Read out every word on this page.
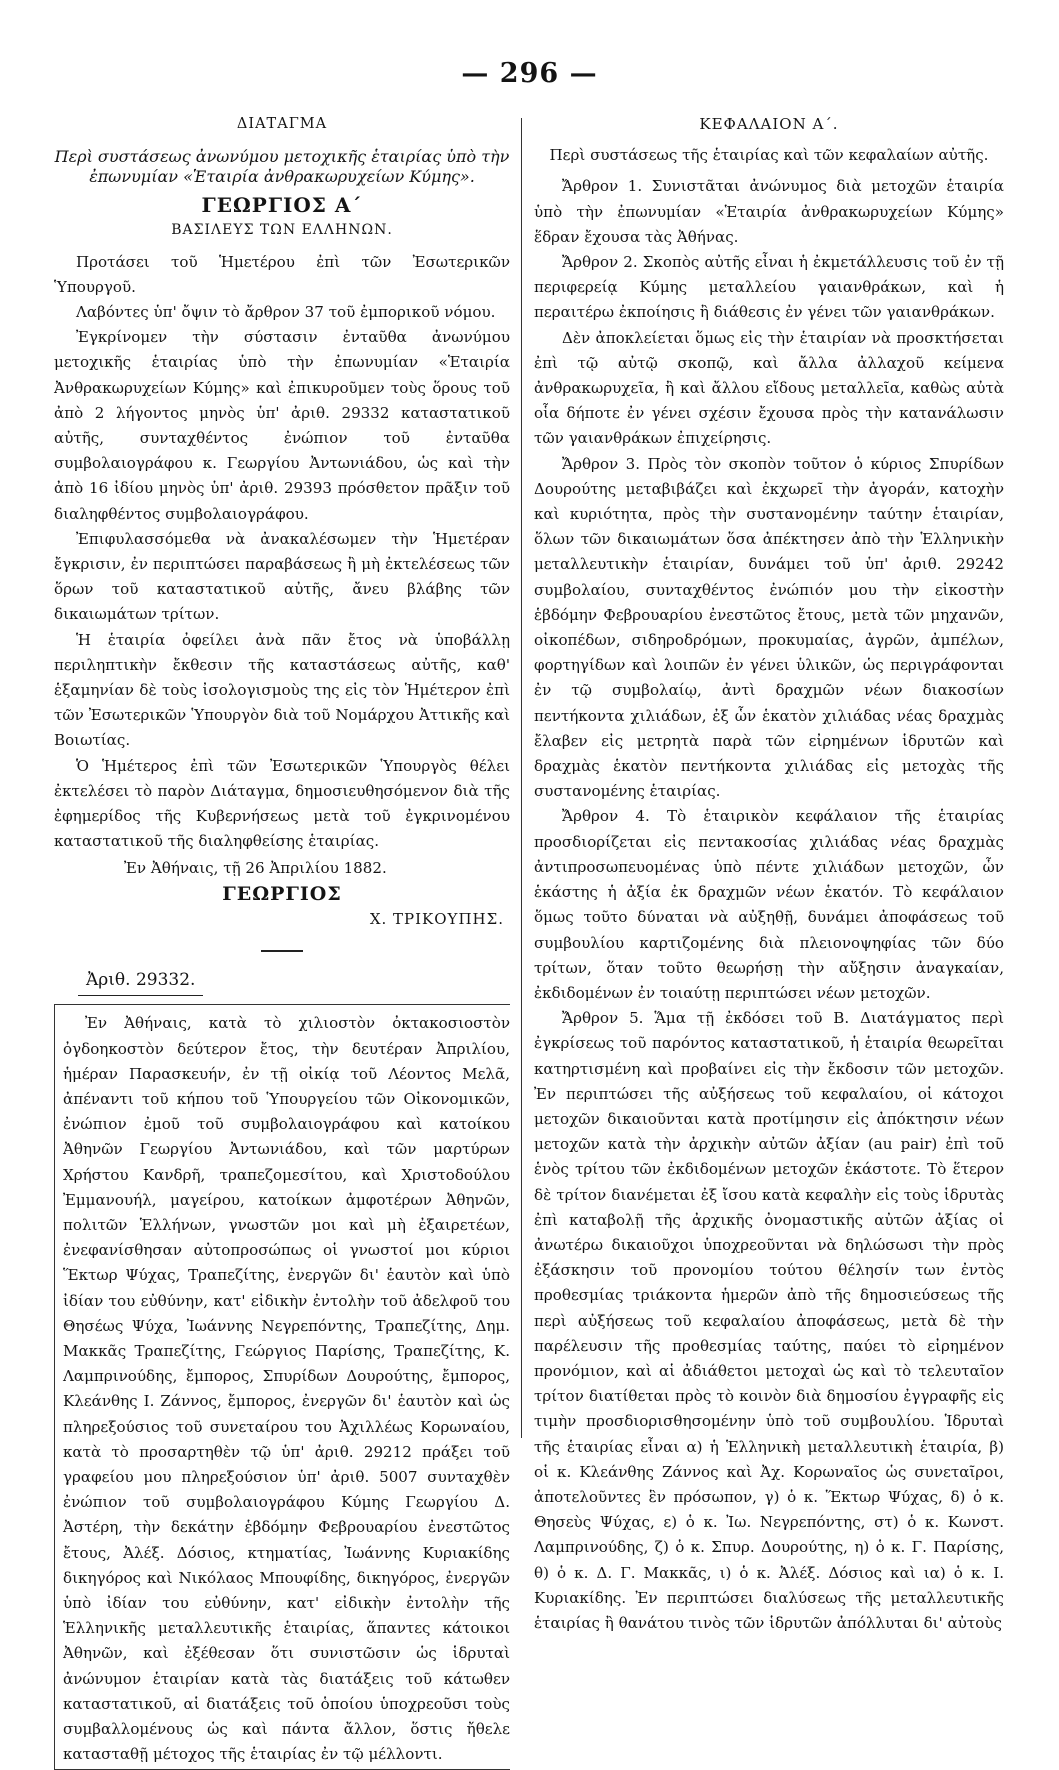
— 296 —
ΔΙΑΤΑΓΜΑ

Περὶ συστάσεως ἀνωνύμου μετοχικῆς ἑταιρίας ὑπὸ τὴν ἐπωνυμίαν «Ἑταιρία ἀνθρακωρυχείων Κύμης».

ΓΕΩΡΓΙΟΣ Α΄
ΒΑΣΙΛΕΥΣ ΤΩΝ ΕΛΛΗΝΩΝ.

Προτάσει τοῦ Ἡμετέρου ἐπὶ τῶν Ἐσωτερικῶν Ὑπουργοῦ.

Λαβόντες ὑπ' ὄψιν τὸ ἄρθρον 37 τοῦ ἐμπορικοῦ νόμου.

Ἐγκρίνομεν τὴν σύστασιν ἐνταῦθα ἀνωνύμου μετοχικῆς ἑταιρίας ὑπὸ τὴν ἐπωνυμίαν «Ἑταιρία Ἀνθρακωρυχείων Κύμης» καὶ ἐπικυροῦμεν τοὺς ὅρους τοῦ ἀπὸ 2 λήγοντος μηνὸς ὑπ' ἀριθ. 29332 καταστατικοῦ αὐτῆς, συνταχθέντος ἐνώπιον τοῦ ἐνταῦθα συμβολαιογράφου κ. Γεωργίου Ἀντωνιάδου, ὡς καὶ τὴν ἀπὸ 16 ἰδίου μηνὸς ὑπ' ἀριθ. 29393 πρόσθετον πρᾶξιν τοῦ διαληφθέντος συμβολαιογράφου.

Ἐπιφυλασσόμεθα νὰ ἀνακαλέσωμεν τὴν Ἡμετέραν ἔγκρισιν, ἐν περιπτώσει παραβάσεως ἢ μὴ ἐκτελέσεως τῶν ὅρων τοῦ καταστατικοῦ αὐτῆς, ἄνευ βλάβης τῶν δικαιωμάτων τρίτων.

Ἡ ἑταιρία ὀφείλει ἀνὰ πᾶν ἔτος νὰ ὑποβάλλῃ περιληπτικὴν ἔκθεσιν τῆς καταστάσεως αὐτῆς, καθ' ἑξαμηνίαν δὲ τοὺς ἰσολογισμοὺς της εἰς τὸν Ἡμέτερον ἐπὶ τῶν Ἐσωτερικῶν Ὑπουργὸν διὰ τοῦ Νομάρχου Ἀττικῆς καὶ Βοιωτίας.

Ὁ Ἡμέτερος ἐπὶ τῶν Ἐσωτερικῶν Ὑπουργὸς θέλει ἐκτελέσει τὸ παρὸν Διάταγμα, δημοσιευθησόμενον διὰ τῆς ἐφημερίδος τῆς Κυβερνήσεως μετὰ τοῦ ἐγκρινομένου καταστατικοῦ τῆς διαληφθείσης ἑταιρίας.

Ἐν Ἀθήναις, τῇ 26 Ἀπριλίου 1882.

ΓΕΩΡΓΙΟΣ
Χ. ΤΡΙΚΟΥΠΗΣ.
Ἀριθ. 29332.

Ἐν Ἀθήναις, κατὰ τὸ χιλιοστὸν ὀκτακοσιοστὸν ὀγδοηκοστὸν δεύτερον ἔτος, τὴν δευτέραν Ἀπριλίου, ἡμέραν Παρασκευήν, ἐν τῇ οἰκίᾳ τοῦ Λέοντος Μελᾶ, ἀπέναντι τοῦ κήπου τοῦ Ὑπουργείου τῶν Οἰκονομικῶν, ἐνώπιον ἐμοῦ τοῦ συμβολαιογράφου καὶ κατοίκου Ἀθηνῶν Γεωργίου Ἀντωνιάδου, καὶ τῶν μαρτύρων Χρήστου Κανδρῆ, τραπεζομεσίτου, καὶ Χριστοδούλου Ἐμμανουήλ, μαγείρου, κατοίκων ἀμφοτέρων Ἀθηνῶν, πολιτῶν Ἑλλήνων, γνωστῶν μοι καὶ μὴ ἐξαιρετέων, ἐνεφανίσθησαν αὐτοπροσώπως οἱ γνωστοί μοι κύριοι Ἕκτωρ Ψύχας, Τραπεζίτης, ἐνεργῶν δι' ἑαυτὸν καὶ ὑπὸ ἰδίαν του εὐθύνην, κατ' εἰδικὴν ἐντολὴν τοῦ ἀδελφοῦ του Θησέως Ψύχα, Ἰωάννης Νεγρεπόντης, Τραπεζίτης, Δημ. Μακκᾶς Τραπεζίτης, Γεώργιος Παρίσης, Τραπεζίτης, Κ. Λαμπρινούδης, ἔμπορος, Σπυρίδων Δουρούτης, ἔμπορος, Κλεάνθης Ι. Ζάννος, ἔμπορος, ἐνεργῶν δι' ἑαυτὸν καὶ ὡς πληρεξούσιος τοῦ συνεταίρου του Ἀχιλλέως Κορωναίου, κατὰ τὸ προσαρτηθὲν τῷ ὑπ' ἀριθ. 29212 πράξει τοῦ γραφείου μου πληρεξούσιον ὑπ' ἀριθ. 5007 συνταχθὲν ἐνώπιον τοῦ συμβολαιογράφου Κύμης Γεωργίου Δ. Ἀστέρη, τὴν δεκάτην ἑβδόμην Φεβρουαρίου ἐνεστῶτος ἔτους, Ἀλέξ. Δόσιος, κτηματίας, Ἰωάννης Κυριακίδης δικηγόρος καὶ Νικόλαος Μπουφίδης, δικηγόρος, ἐνεργῶν ὑπὸ ἰδίαν του εὐθύνην, κατ' εἰδικὴν ἐντολὴν τῆς Ἑλληνικῆς μεταλλευτικῆς ἑταιρίας, ἅπαντες κάτοικοι Ἀθηνῶν, καὶ ἐξέθεσαν ὅτι συνιστῶσιν ὡς ἱδρυταὶ ἀνώνυμον ἑταιρίαν κατὰ τὰς διατάξεις τοῦ κάτωθεν καταστατικοῦ, αἱ διατάξεις τοῦ ὁποίου ὑποχρεοῦσι τοὺς συμβαλλομένους ὡς καὶ πάντα ἄλλον, ὅστις ἤθελε κατασταθῇ μέτοχος τῆς ἑταιρίας ἐν τῷ μέλλοντι.

ΚΕΦΑΛΑΙΟΝ Α΄.

Περὶ συστάσεως τῆς ἑταιρίας καὶ τῶν κεφαλαίων αὐτῆς.

Ἄρθρον 1. Συνιστᾶται ἀνώνυμος διὰ μετοχῶν ἑταιρία ὑπὸ τὴν ἐπωνυμίαν «Ἑταιρία ἀνθρακωρυχείων Κύμης» ἕδραν ἔχουσα τὰς Ἀθήνας.

Ἄρθρον 2. Σκοπὸς αὐτῆς εἶναι ἡ ἐκμετάλλευσις τοῦ ἐν τῇ περιφερείᾳ Κύμης μεταλλείου γαιανθράκων, καὶ ἡ περαιτέρω ἐκποίησις ἢ διάθεσις ἐν γένει τῶν γαιανθράκων.

Δὲν ἀποκλείεται ὅμως εἰς τὴν ἑταιρίαν νὰ προσκτήσεται ἐπὶ τῷ αὐτῷ σκοπῷ, καὶ ἄλλα ἀλλαχοῦ κείμενα ἀνθρακωρυχεῖα, ἢ καὶ ἄλλου εἴδους μεταλλεῖα, καθὼς αὐτὰ οἷα δήποτε ἐν γένει σχέσιν ἔχουσα πρὸς τὴν κατανάλωσιν τῶν γαιανθράκων ἐπιχείρησις.

Ἄρθρον 3. Πρὸς τὸν σκοπὸν τοῦτον ὁ κύριος Σπυρίδων Δουρούτης μεταβιβάζει καὶ ἐκχωρεῖ τὴν ἀγοράν, κατοχὴν καὶ κυριότητα, πρὸς τὴν συστανομένην ταύτην ἑταιρίαν, ὅλων τῶν δικαιωμάτων ὅσα ἀπέκτησεν ἀπὸ τὴν Ἑλληνικὴν μεταλλευτικὴν ἑταιρίαν, δυνάμει τοῦ ὑπ' ἀριθ. 29242 συμβολαίου, συνταχθέντος ἐνώπιόν μου τὴν εἰκοστὴν ἑβδόμην Φεβρουαρίου ἐνεστῶτος ἔτους, μετὰ τῶν μηχανῶν, οἰκοπέδων, σιδηροδρόμων, προκυμαίας, ἀγρῶν, ἀμπέλων, φορτηγίδων καὶ λοιπῶν ἐν γένει ὑλικῶν, ὡς περιγράφονται ἐν τῷ συμβολαίῳ, ἀντὶ δραχμῶν νέων διακοσίων πεντήκοντα χιλιάδων, ἐξ ὧν ἑκατὸν χιλιάδας νέας δραχμὰς ἔλαβεν εἰς μετρητὰ παρὰ τῶν εἰρημένων ἱδρυτῶν καὶ δραχμὰς ἑκατὸν πεντήκοντα χιλιάδας εἰς μετοχὰς τῆς συστανομένης ἑταιρίας.

Ἄρθρον 4. Τὸ ἑταιρικὸν κεφάλαιον τῆς ἑταιρίας προσδιορίζεται εἰς πεντακοσίας χιλιάδας νέας δραχμὰς ἀντιπροσωπευομένας ὑπὸ πέντε χιλιάδων μετοχῶν, ὧν ἑκάστης ἡ ἀξία ἐκ δραχμῶν νέων ἑκατόν. Τὸ κεφάλαιον ὅμως τοῦτο δύναται νὰ αὐξηθῇ, δυνάμει ἀποφάσεως τοῦ συμβουλίου καρτιζομένης διὰ πλειονοψηφίας τῶν δύο τρίτων, ὅταν τοῦτο θεωρήσῃ τὴν αὔξησιν ἀναγκαίαν, ἐκδιδομένων ἐν τοιαύτῃ περιπτώσει νέων μετοχῶν.

Ἄρθρον 5. Ἅμα τῇ ἐκδόσει τοῦ Β. Διατάγματος περὶ ἐγκρίσεως τοῦ παρόντος καταστατικοῦ, ἡ ἑταιρία θεωρεῖται κατηρτισμένη καὶ προβαίνει εἰς τὴν ἔκδοσιν τῶν μετοχῶν. Ἐν περιπτώσει τῆς αὐξήσεως τοῦ κεφαλαίου, οἱ κάτοχοι μετοχῶν δικαιοῦνται κατὰ προτίμησιν εἰς ἀπόκτησιν νέων μετοχῶν κατὰ τὴν ἀρχικὴν αὐτῶν ἀξίαν (au pair) ἐπὶ τοῦ ἑνὸς τρίτου τῶν ἐκδιδομένων μετοχῶν ἑκάστοτε. Τὸ ἕτερον δὲ τρίτον διανέμεται ἐξ ἴσου κατὰ κεφαλὴν εἰς τοὺς ἱδρυτὰς ἐπὶ καταβολῇ τῆς ἀρχικῆς ὀνομαστικῆς αὐτῶν ἀξίας οἱ ἀνωτέρω δικαιοῦχοι ὑποχρεοῦνται νὰ δηλώσωσι τὴν πρὸς ἐξάσκησιν τοῦ προνομίου τούτου θέλησίν των ἐντὸς προθεσμίας τριάκοντα ἡμερῶν ἀπὸ τῆς δημοσιεύσεως τῆς περὶ αὐξήσεως τοῦ κεφαλαίου ἀποφάσεως, μετὰ δὲ τὴν παρέλευσιν τῆς προθεσμίας ταύτης, παύει τὸ εἰρημένον προνόμιον, καὶ αἱ ἀδιάθετοι μετοχαὶ ὡς καὶ τὸ τελευταῖον τρίτον διατίθεται πρὸς τὸ κοινὸν διὰ δημοσίου ἐγγραφῆς εἰς τιμὴν προσδιορισθησομένην ὑπὸ τοῦ συμβουλίου. Ἱδρυταὶ τῆς ἑταιρίας εἶναι α) ἡ Ἑλληνικὴ μεταλλευτικὴ ἑταιρία, β) οἱ κ. Κλεάνθης Ζάννος καὶ Ἀχ. Κορωναῖος ὡς συνεταῖροι, ἀποτελοῦντες ἓν πρόσωπον, γ) ὁ κ. Ἕκτωρ Ψύχας, δ) ὁ κ. Θησεὺς Ψύχας, ε) ὁ κ. Ἰω. Νεγρεπόντης, στ) ὁ κ. Κωνστ. Λαμπρινούδης, ζ) ὁ κ. Σπυρ. Δουρούτης, η) ὁ κ. Γ. Παρίσης, θ) ὁ κ. Δ. Γ. Μακκᾶς, ι) ὁ κ. Ἀλέξ. Δόσιος καὶ ια) ὁ κ. Ι. Κυριακίδης. Ἐν περιπτώσει διαλύσεως τῆς μεταλλευτικῆς ἑταιρίας ἢ θανάτου τινὸς τῶν ἱδρυτῶν ἀπόλλυται δι' αὐτοὺς
